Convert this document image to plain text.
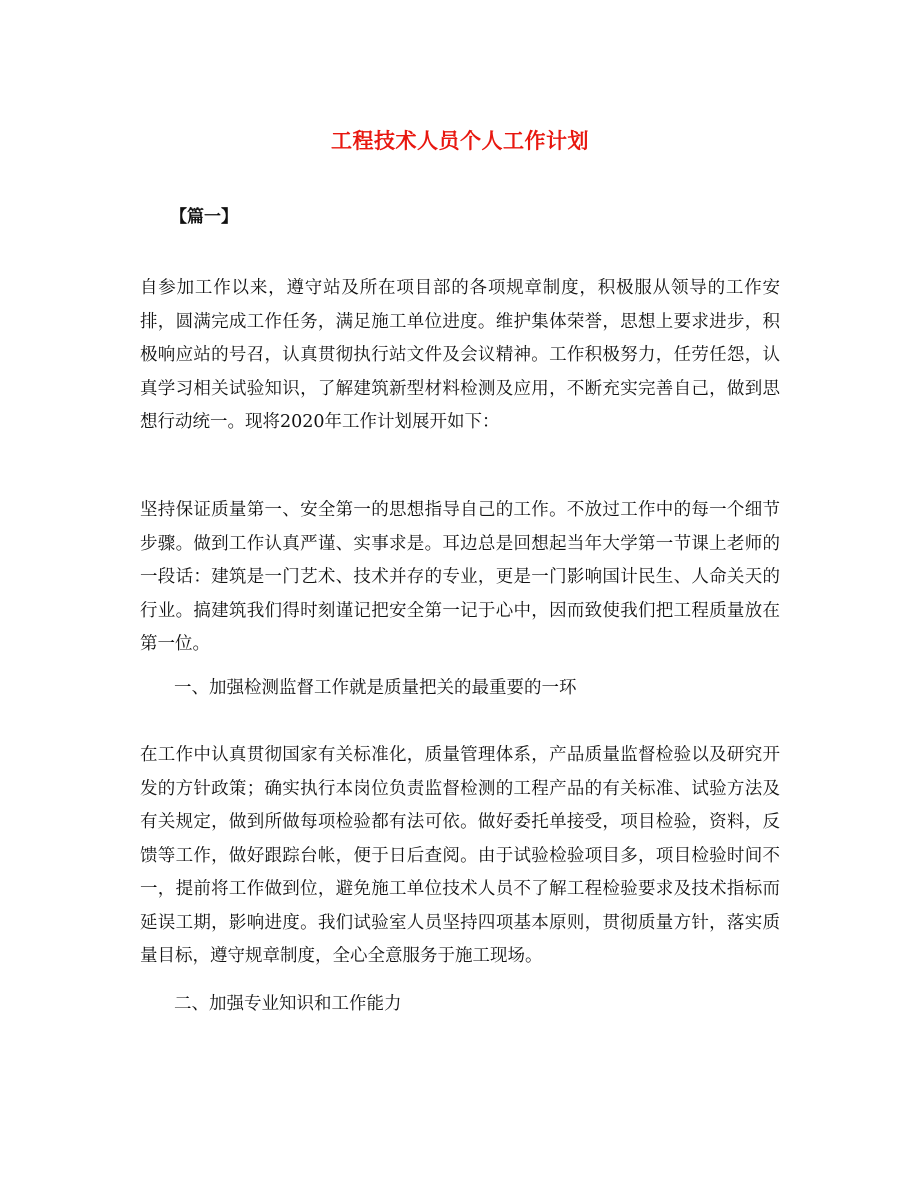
工程技术人员个人工作计划
【篇一】

自参加工作以来，遵守站及所在项目部的各项规章制度，积极服从领导的工作安排，圆满完成工作任务，满足施工单位进度。维护集体荣誉，思想上要求进步，积极响应站的号召，认真贯彻执行站文件及会议精神。工作积极努力，任劳任怨，认真学习相关试验知识，了解建筑新型材料检测及应用，不断充实完善自己，做到思想行动统一。现将2020年工作计划展开如下：

坚持保证质量第一、安全第一的思想指导自己的工作。不放过工作中的每一个细节步骤。做到工作认真严谨、实事求是。耳边总是回想起当年大学第一节课上老师的一段话：建筑是一门艺术、技术并存的专业，更是一门影响国计民生、人命关天的行业。搞建筑我们得时刻谨记把安全第一记于心中，因而致使我们把工程质量放在第一位。

一、加强检测监督工作就是质量把关的最重要的一环

在工作中认真贯彻国家有关标准化，质量管理体系，产品质量监督检验以及研究开发的方针政策；确实执行本岗位负责监督检测的工程产品的有关标准、试验方法及有关规定，做到所做每项检验都有法可依。做好委托单接受，项目检验，资料，反馈等工作，做好跟踪台帐，便于日后查阅。由于试验检验项目多，项目检验时间不一，提前将工作做到位，避免施工单位技术人员不了解工程检验要求及技术指标而延误工期，影响进度。我们试验室人员坚持四项基本原则，贯彻质量方针，落实质量目标，遵守规章制度，全心全意服务于施工现场。

二、加强专业知识和工作能力
